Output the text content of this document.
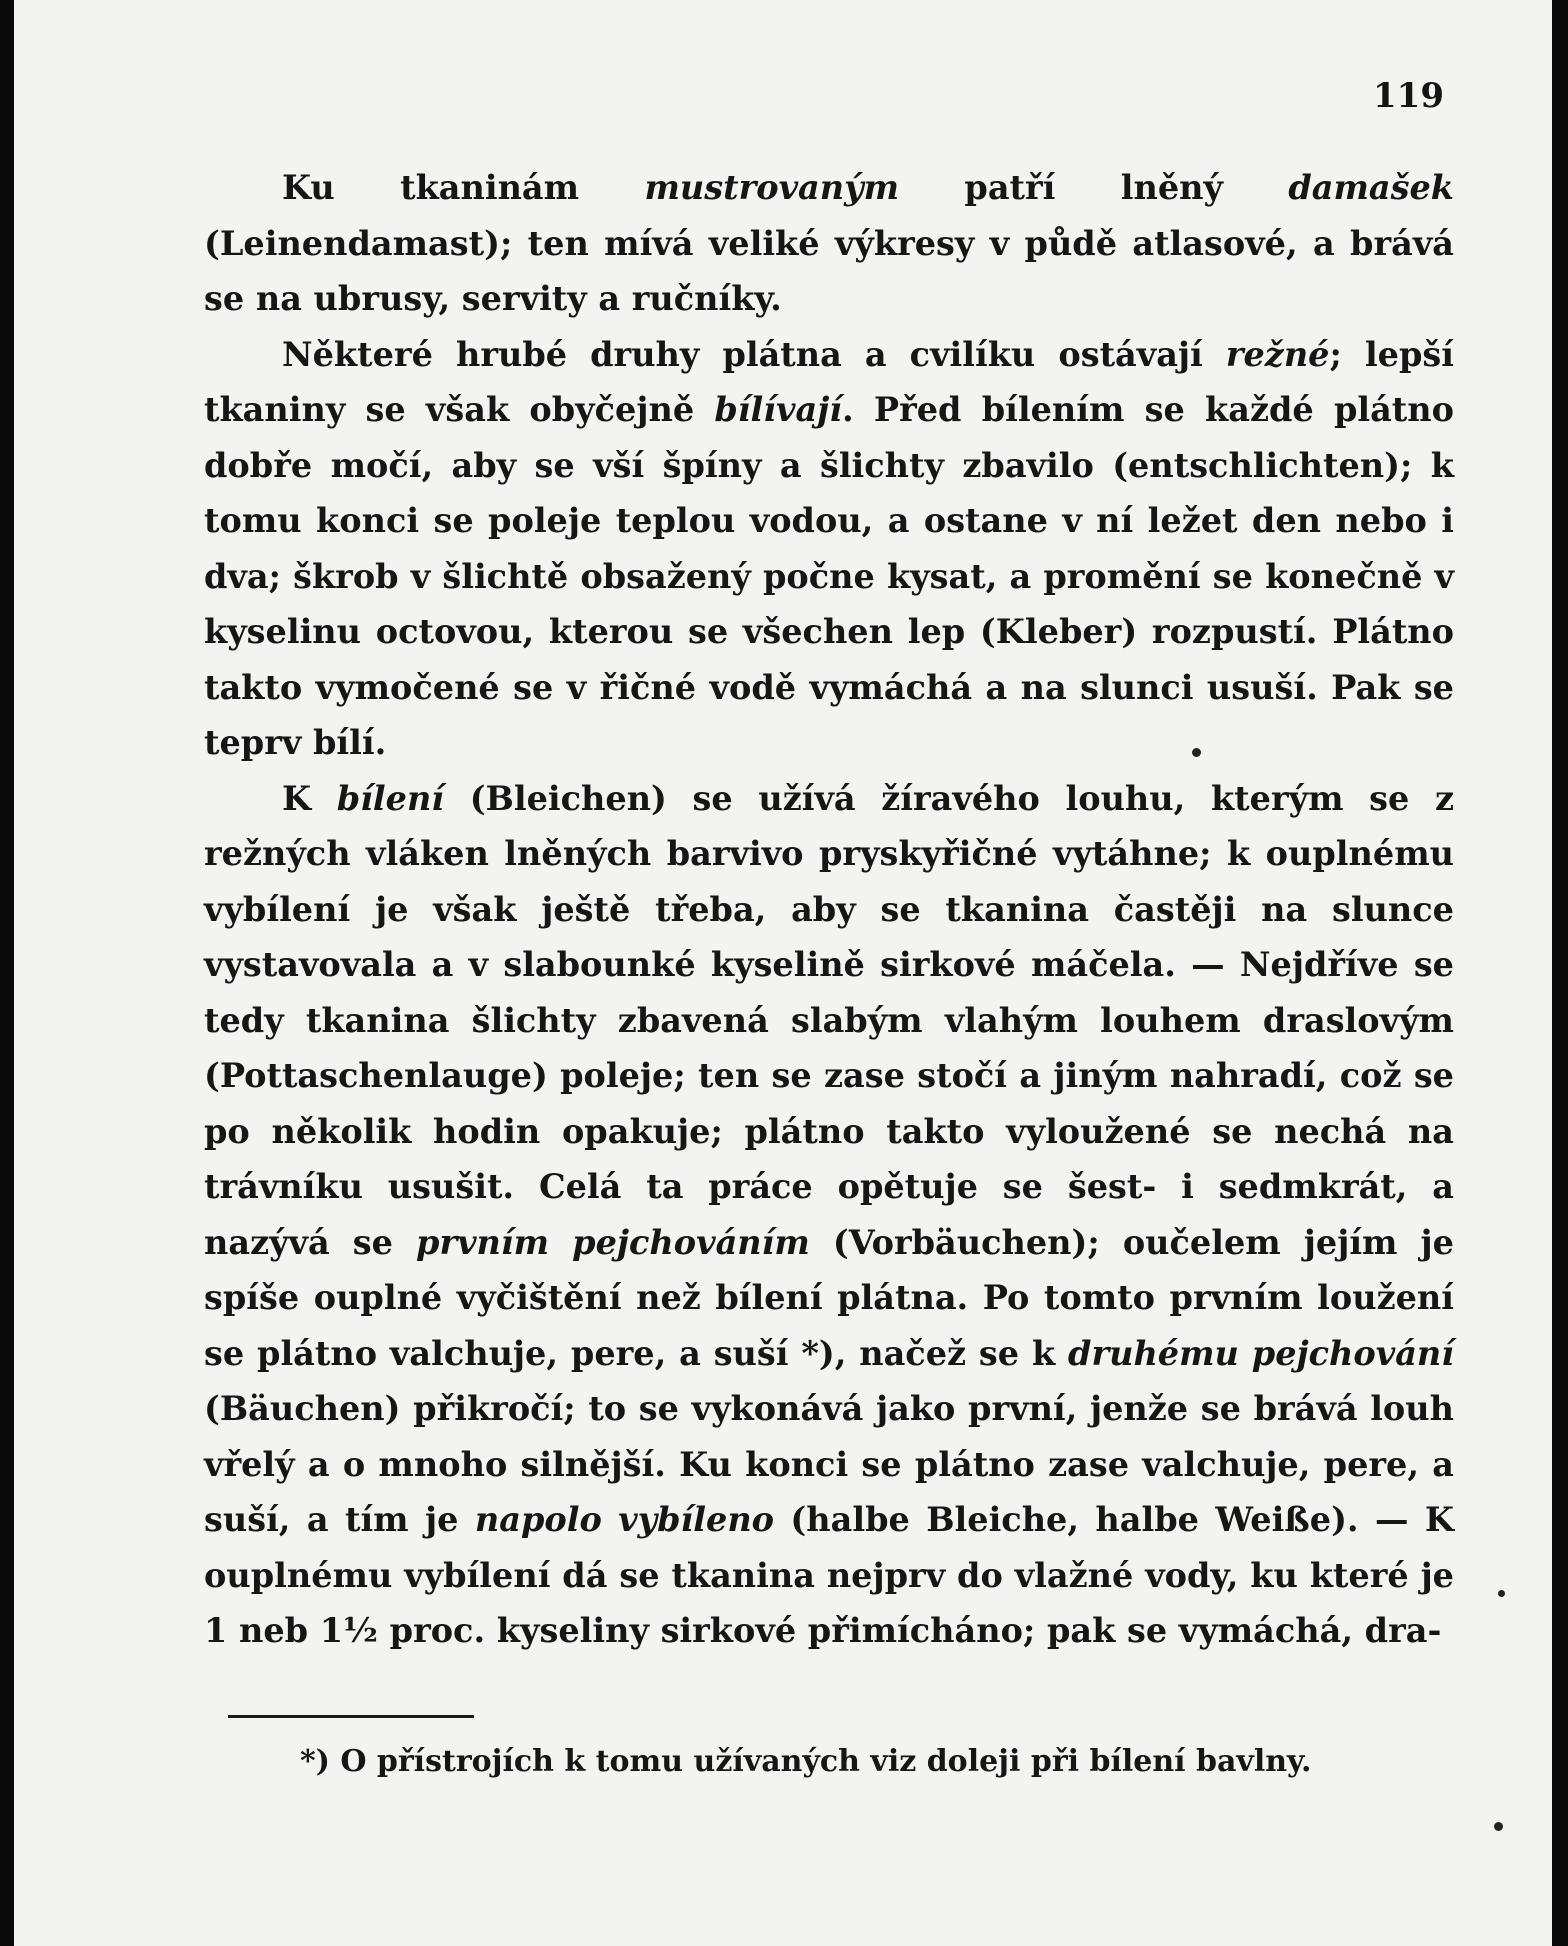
119

Ku tkaninám mustrovaným patří lněný damašek (Leinendamast); ten mívá veliké výkresy v půdě atlasové, a brává se na ubrusy, servity a ručníky.

Některé hrubé druhy plátna a cvilíku ostávají režné; lepší tkaniny se však obyčejně bílívají. Před bílením se každé plátno dobře močí, aby se vší špíny a šlichty zbavilo (entschlichten); k tomu konci se poleje teplou vodou, a ostane v ní ležet den nebo i dva; škrob v šlichtě obsažený počne kysat, a promění se konečně v kyselinu octovou, kterou se všechen lep (Kleber) rozpustí. Plátno takto vymočené se v řičné vodě vymáchá a na slunci usuší. Pak se teprv bílí.

K bílení (Bleichen) se užívá žíravého louhu, kterým se z režných vláken lněných barvivo pryskyřičné vytáhne; k ouplnému vybílení je však ještě třeba, aby se tkanina častěji na slunce vystavovala a v slabounké kyselině sirkové máčela. — Nejdříve se tedy tkanina šlichty zbavená slabým vlahým louhem draslovým (Pottaschenlauge) poleje; ten se zase stočí a jiným nahradí, což se po několik hodin opakuje; plátno takto vyloužené se nechá na trávníku usušit. Celá ta práce opětuje se šest- i sedmkrát, a nazývá se prvním pejchováním (Vorbäuchen); oučelem jejím je spíše ouplné vyčištění než bílení plátna. Po tomto prvním loužení se plátno valchuje, pere, a suší *), načež se k druhému pejchování (Bäuchen) přikročí; to se vykonává jako první, jenže se brává louh vřelý a o mnoho silnější. Ku konci se plátno zase valchuje, pere, a suší, a tím je napolo vybíleno (halbe Bleiche, halbe Weiße). — K ouplnému vybílení dá se tkanina nejprv do vlažné vody, ku které je 1 neb 1½ proc. kyseliny sirkové přimícháno; pak se vymáchá, dra-

*) O přístrojích k tomu užívaných viz doleji při bílení bavlny.
